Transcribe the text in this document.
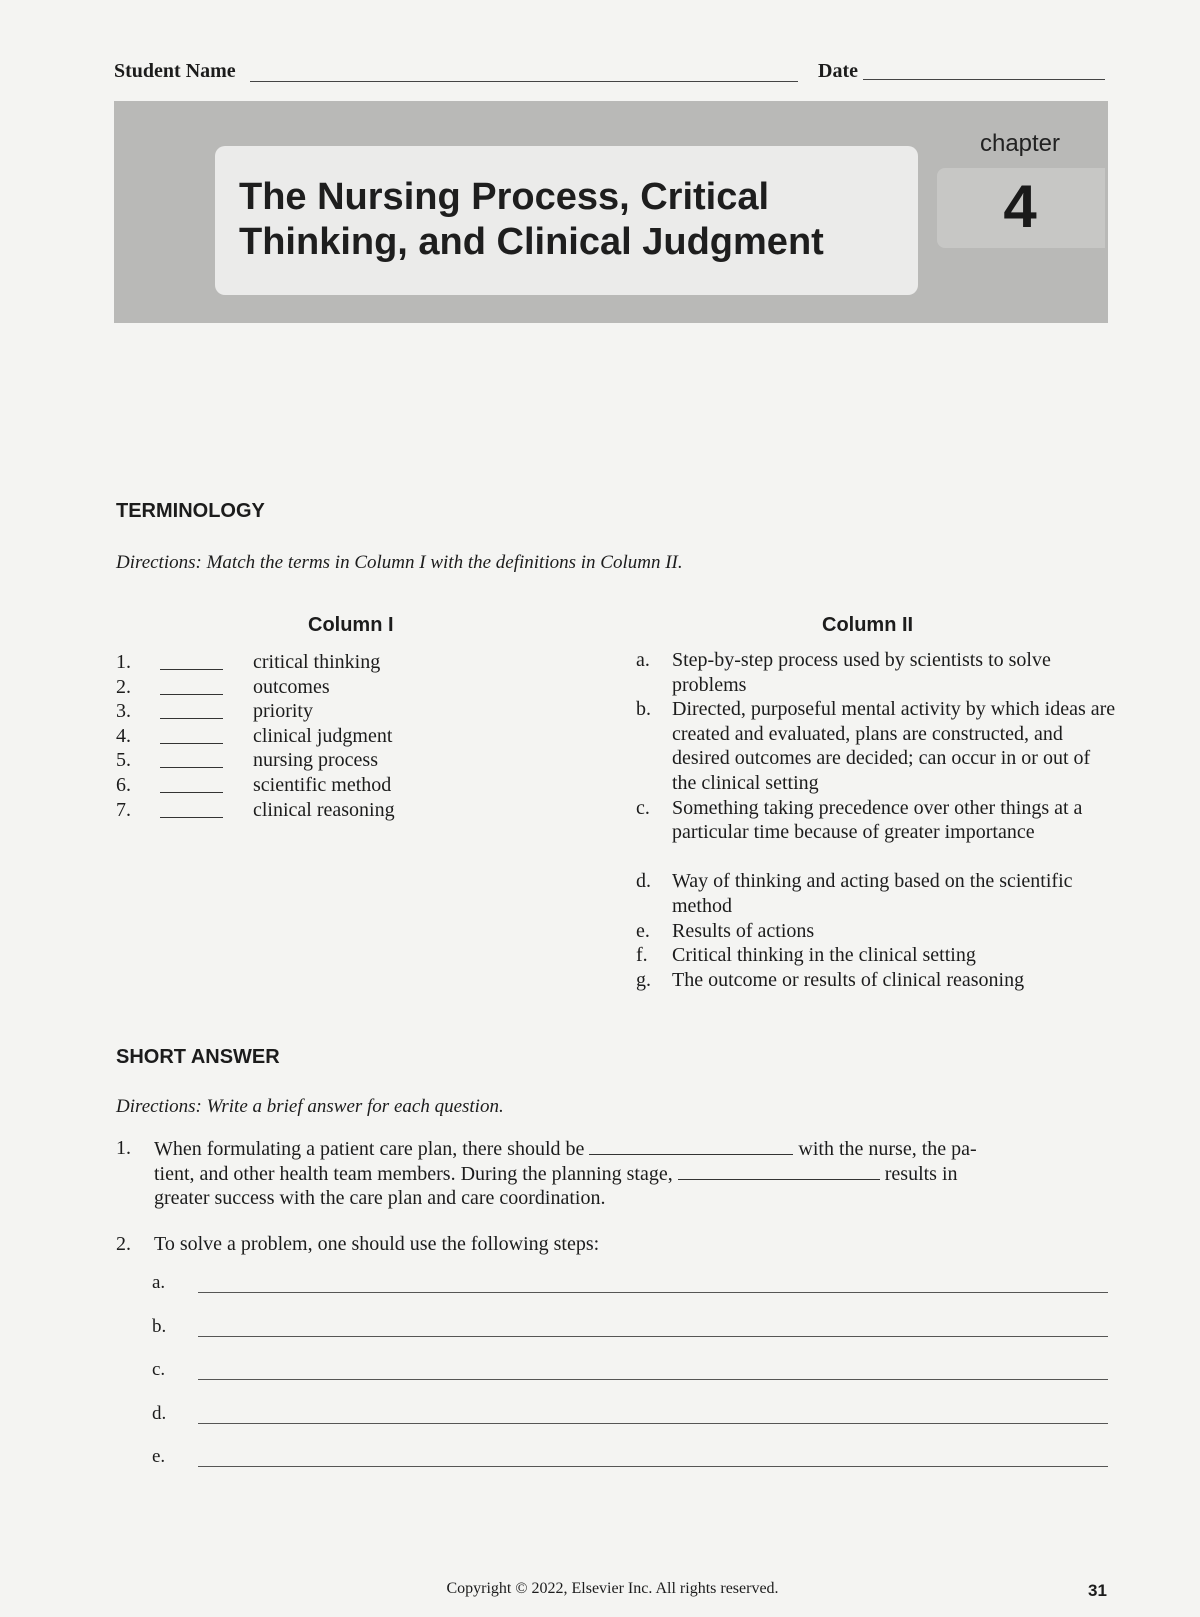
Student Name	Date
The Nursing Process, Critical
Thinking, and Clinical Judgment
chapter
4
TERMINOLOGY
Directions: Match the terms in Column I with the definitions in Column II.
Column I	Column II
1.	critical thinking
2.	outcomes
3.	priority
4.	clinical judgment
5.	nursing process
6.	scientific method
7.	clinical reasoning
a.	Step-by-step process used by scientists to solve problems
b.	Directed, purposeful mental activity by which ideas are created and evaluated, plans are constructed, and desired outcomes are decided; can occur in or out of the clinical setting
c.	Something taking precedence over other things at a particular time because of greater importance
d.	Way of thinking and acting based on the scientific method
e.	Results of actions
f.	Critical thinking in the clinical setting
g.	The outcome or results of clinical reasoning
SHORT ANSWER
Directions: Write a brief answer for each question.
1. When formulating a patient care plan, there should be	with the nurse, the pa-
tient, and other health team members. During the planning stage,	results in
greater success with the care plan and care coordination.
2. To solve a problem, one should use the following steps:
a.
b.
c.
d.
e.
Copyright © 2022, Elsevier Inc. All rights reserved.	31
